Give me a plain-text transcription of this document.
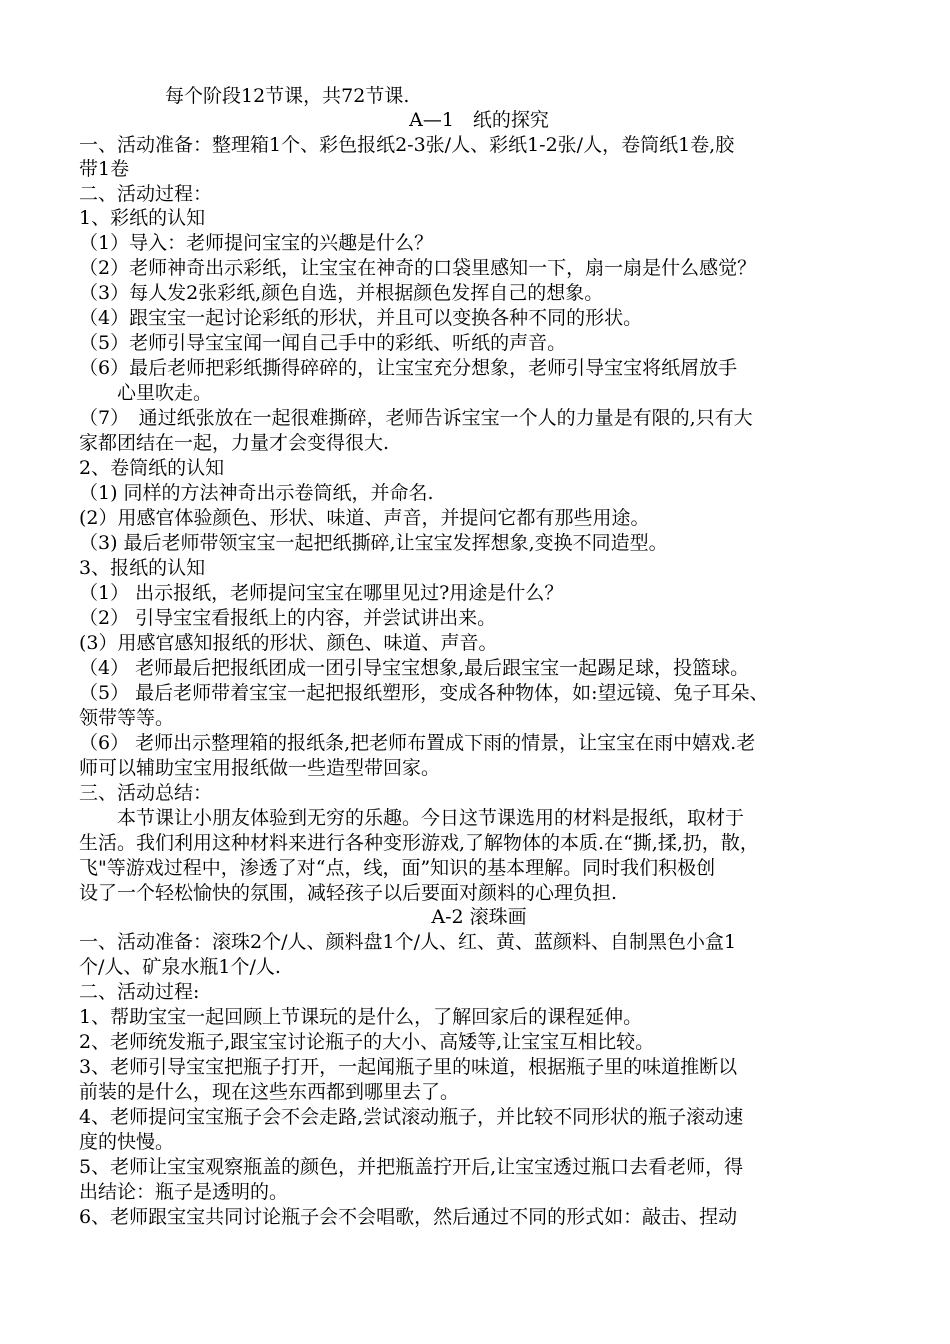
每个阶段12节课，共72节课.
A—1　纸的探究
一、活动准备：整理箱1个、彩色报纸2-3张/人、彩纸1-2张/人，卷筒纸1卷,胶
带1卷
二、活动过程：
1、彩纸的认知
（1）导入：老师提问宝宝的兴趣是什么？
（2）老师神奇出示彩纸，让宝宝在神奇的口袋里感知一下，扇一扇是什么感觉？
（3）每人发2张彩纸,颜色自选，并根据颜色发挥自己的想象。
（4）跟宝宝一起讨论彩纸的形状，并且可以变换各种不同的形状。
（5）老师引导宝宝闻一闻自己手中的彩纸、听纸的声音。
（6）最后老师把彩纸撕得碎碎的，让宝宝充分想象，老师引导宝宝将纸屑放手
　　心里吹走。
（7）　通过纸张放在一起很难撕碎，老师告诉宝宝一个人的力量是有限的,只有大
家都团结在一起，力量才会变得很大.
2、卷筒纸的认知
（1) 同样的方法神奇出示卷筒纸，并命名.
(2）用感官体验颜色、形状、味道、声音，并提问它都有那些用途。
（3) 最后老师带领宝宝一起把纸撕碎,让宝宝发挥想象,变换不同造型。
3、报纸的认知
（1） 出示报纸，老师提问宝宝在哪里见过?用途是什么？
（2） 引导宝宝看报纸上的内容，并尝试讲出来。
(3）用感官感知报纸的形状、颜色、味道、声音。
（4） 老师最后把报纸团成一团引导宝宝想象,最后跟宝宝一起踢足球，投篮球。
（5） 最后老师带着宝宝一起把报纸塑形，变成各种物体，如:望远镜、兔子耳朵、
领带等等。
（6） 老师出示整理箱的报纸条,把老师布置成下雨的情景，让宝宝在雨中嬉戏.老
师可以辅助宝宝用报纸做一些造型带回家。
三、活动总结：
　　本节课让小朋友体验到无穷的乐趣。今日这节课选用的材料是报纸，取材于
生活。我们利用这种材料来进行各种变形游戏,了解物体的本质.在“撕,揉,扔，散，
飞"等游戏过程中，渗透了对“点，线，面”知识的基本理解。同时我们积极创
设了一个轻松愉快的氛围，减轻孩子以后要面对颜料的心理负担.
A-2 滚珠画
一、活动准备：滚珠2个/人、颜料盘1个/人、红、黄、蓝颜料、自制黑色小盒1
个/人、矿泉水瓶1个/人.
二、活动过程:
1、帮助宝宝一起回顾上节课玩的是什么，了解回家后的课程延伸。
2、老师统发瓶子,跟宝宝讨论瓶子的大小、高矮等,让宝宝互相比较。
3、老师引导宝宝把瓶子打开，一起闻瓶子里的味道，根据瓶子里的味道推断以
前装的是什么，现在这些东西都到哪里去了。
4、老师提问宝宝瓶子会不会走路,尝试滚动瓶子，并比较不同形状的瓶子滚动速
度的快慢。
5、老师让宝宝观察瓶盖的颜色，并把瓶盖拧开后,让宝宝透过瓶口去看老师，得
出结论：瓶子是透明的。
6、老师跟宝宝共同讨论瓶子会不会唱歌，然后通过不同的形式如：敲击、捏动
